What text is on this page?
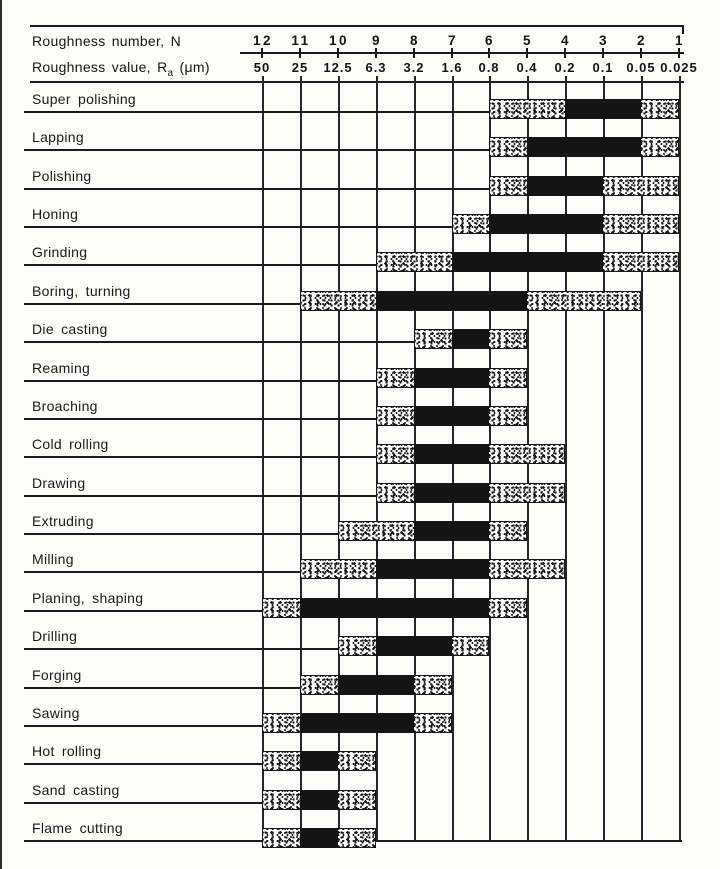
Roughness number, N
Roughness value, $R_a$ (μm)
12 11 10 9 8 7 6 5 4 3 2 1
50 25 12.5 6.3 3.2 1.6 0.8 0.4 0.2 0.1 0.05 0.025
Super polishing
Lapping
Polishing
Honing
Grinding
Boring, turning
Die casting
Reaming
Broaching
Cold rolling
Drawing
Extruding
Milling
Planing, shaping
Drilling
Forging
Sawing
Hot rolling
Sand casting
Flame cutting
